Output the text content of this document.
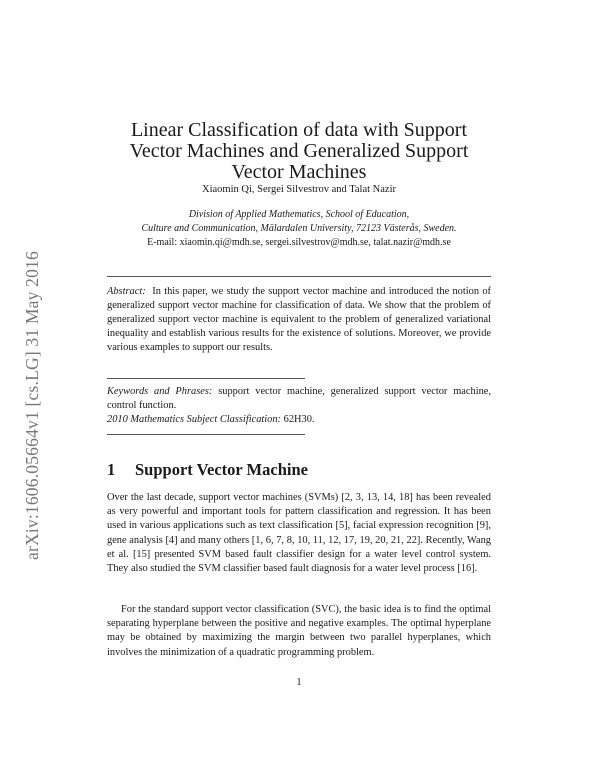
arXiv:1606.05664v1 [cs.LG] 31 May 2016
Linear Classification of data with Support Vector Machines and Generalized Support Vector Machines
Xiaomin Qi, Sergei Silvestrov and Talat Nazir
Division of Applied Mathematics, School of Education,
Culture and Communication, Mälardalen University, 72123 Västerås, Sweden.
E-mail: xiaomin.qi@mdh.se, sergei.silvestrov@mdh.se, talat.nazir@mdh.se
Abstract: In this paper, we study the support vector machine and introduced the notion of generalized support vector machine for classification of data. We show that the problem of generalized support vector machine is equivalent to the problem of generalized variational inequality and establish various results for the existence of solutions. Moreover, we provide various examples to support our results.
Keywords and Phrases: support vector machine, generalized support vector machine, control function.
2010 Mathematics Subject Classification: 62H30.
1 Support Vector Machine

Over the last decade, support vector machines (SVMs) [2, 3, 13, 14, 18] has been revealed as very powerful and important tools for pattern classification and regression. It has been used in various applications such as text classification [5], facial expression recognition [9], gene analysis [4] and many others [1, 6, 7, 8, 10, 11, 12, 17, 19, 20, 21, 22]. Recently, Wang et al. [15] presented SVM based fault classifier design for a water level control system. They also studied the SVM classifier based fault diagnosis for a water level process [16].

For the standard support vector classification (SVC), the basic idea is to find the optimal separating hyperplane between the positive and negative examples. The optimal hyperplane may be obtained by maximizing the margin between two parallel hyperplanes, which involves the minimization of a quadratic programming problem.

1
